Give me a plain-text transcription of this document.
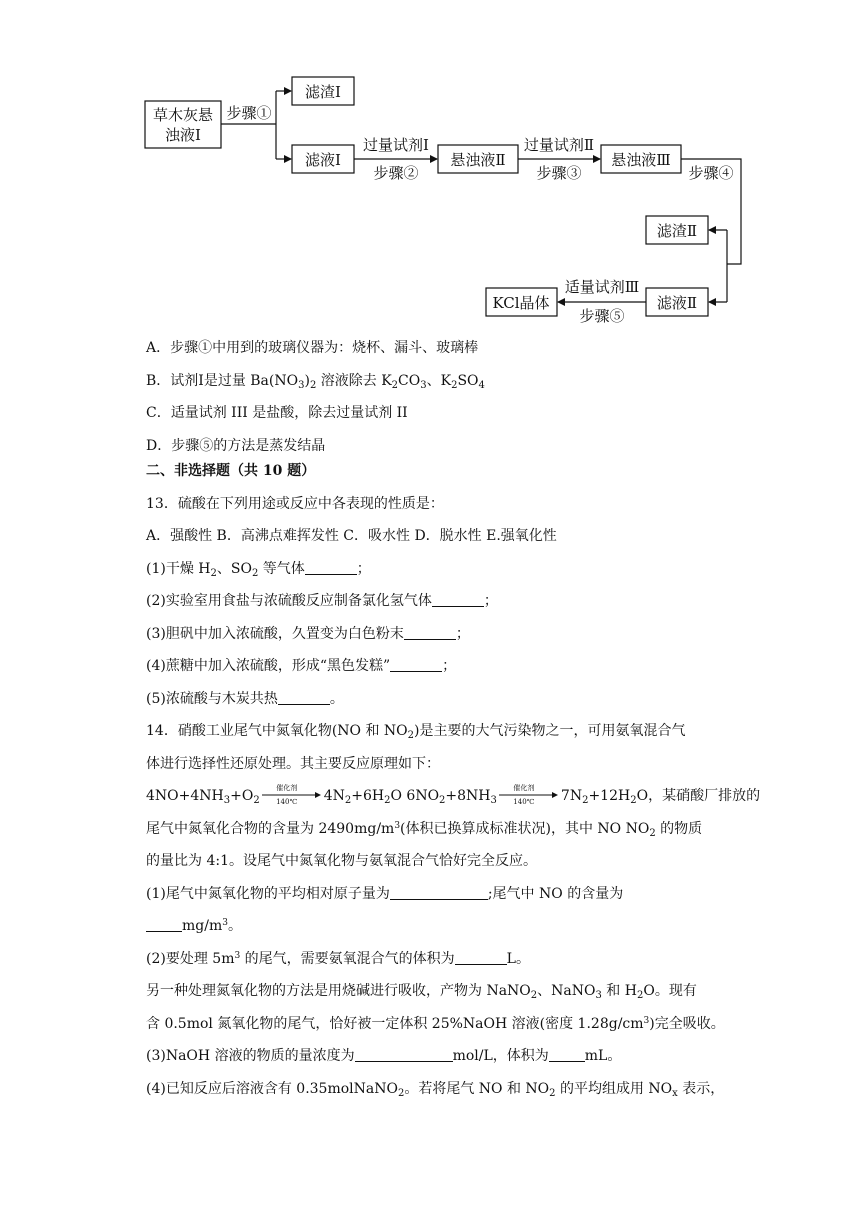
草木灰悬
浊液Ⅰ
步骤①
滤渣Ⅰ
滤液Ⅰ
过量试剂Ⅰ
步骤②
悬浊液Ⅱ
过量试剂Ⅱ
步骤③
悬浊液Ⅲ
步骤④
滤渣Ⅱ
滤液Ⅱ
适量试剂Ⅲ
步骤⑤
KCl晶体
A．步骤①中用到的玻璃仪器为：烧杯、漏斗、玻璃棒
B．试剂I是过量 $Ba(NO_3)_2$ 溶液除去 $K_2CO_3$、$K_2SO_4$
C．适量试剂 III 是盐酸，除去过量试剂 II
D．步骤⑤的方法是蒸发结晶
二、非选择题（共 10 题）
13．硫酸在下列用途或反应中各表现的性质是：
A．强酸性 B．高沸点难挥发性 C．吸水性 D．脱水性 E.强氧化性
(1)干燥 $H_2$、$SO_2$ 等气体	；
(2)实验室用食盐与浓硫酸反应制备氯化氢气体	；
(3)胆矾中加入浓硫酸，久置变为白色粉末	；
(4)蔗糖中加入浓硫酸，形成“黑色发糕”	；
(5)浓硫酸与木炭共热	。
14．硝酸工业尾气中氮氧化物(NO 和 $NO_2$)是主要的大气污染物之一，可用氨氧混合气
体进行选择性还原处理。其主要反应原理如下：
$4NO+4NH_3+O_2$
催化剂
140℃	$4N_2+6H_2O$ $6NO_2+8NH_3$
催化剂
140℃	$7N_2+12H_2O$，某硝酸厂排放的
尾气中氮氧化合物的含量为 $2490mg/m^3$(体积已换算成标准状况)，其中 NO $NO_2$ 的物质
的量比为 4:1。设尾气中氮氧化物与氨氧混合气恰好完全反应。
(1)尾气中氮氧化物的平均相对原子量为	;尾气中 NO 的含量为
$mg/m^3$。
(2)要处理 $5m^3$ 的尾气，需要氨氧混合气的体积为	L。
另一种处理氮氧化物的方法是用烧碱进行吸收，产物为 NaNO$_2$、NaNO$_3$ 和 $H_2O$。现有
含 0.5mol 氮氧化物的尾气，恰好被一定体积 25%NaOH 溶液(密度 $1.28g/cm^3$)完全吸收。
(3)NaOH 溶液的物质的量浓度为	mol/L，体积为	mL。
(4)已知反应后溶液含有 0.35molNaNO$_2$。若将尾气 NO 和 $NO_2$ 的平均组成用 $NO_x$ 表示，
